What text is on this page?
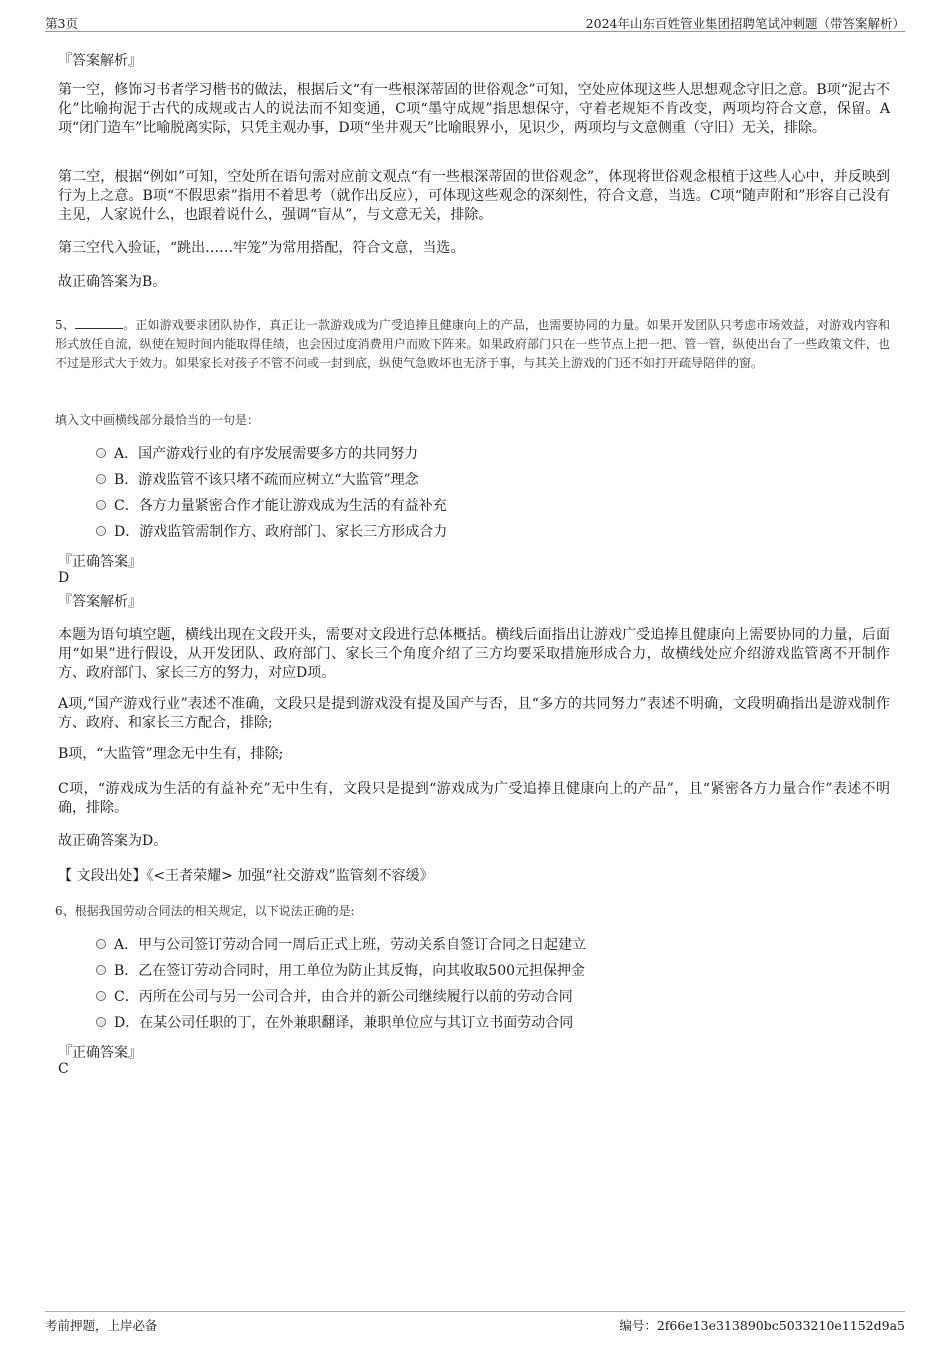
第3页	2024年山东百姓管业集团招聘笔试冲刺题（带答案解析）
『答案解析』
第一空，修饰习书者学习楷书的做法，根据后文“有一些根深蒂固的世俗观念”可知，空处应体现这些人思想观念守旧之意。B项“泥古不化”比喻拘泥于古代的成规或古人的说法而不知变通，C项“墨守成规”指思想保守，守着老规矩不肯改变，两项均符合文意，保留。A项“闭门造车”比喻脱离实际，只凭主观办事，D项“坐井观天”比喻眼界小，见识少，两项均与文意侧重（守旧）无关，排除。
第二空，根据“例如”可知，空处所在语句需对应前文观点“有一些根深蒂固的世俗观念”，体现将世俗观念根植于这些人心中，并反映到行为上之意。B项“不假思索”指用不着思考（就作出反应），可体现这些观念的深刻性，符合文意，当选。C项“随声附和”形容自己没有主见，人家说什么，也跟着说什么，强调“盲从”，与文意无关，排除。
第三空代入验证，“跳出……牢笼”为常用搭配，符合文意，当选。
故正确答案为B。
5、	。正如游戏要求团队协作，真正让一款游戏成为广受追捧且健康向上的产品，也需要协同的力量。如果开发团队只考虑市场效益，对游戏内容和形式放任自流，纵使在短时间内能取得佳绩，也会因过度消费用户而败下阵来。如果政府部门只在一些节点上把一把、管一管，纵使出台了一些政策文件，也不过是形式大于效力。如果家长对孩子不管不问或一封到底，纵使气急败坏也无济于事，与其关上游戏的门还不如打开疏导陪伴的窗。
填入文中画横线部分最恰当的一句是：
A．国产游戏行业的有序发展需要多方的共同努力
B．游戏监管不该只堵不疏而应树立“大监管”理念
C．各方力量紧密合作才能让游戏成为生活的有益补充
D．游戏监管需制作方、政府部门、家长三方形成合力
『正确答案』
D
『答案解析』
本题为语句填空题，横线出现在文段开头，需要对文段进行总体概括。横线后面指出让游戏广受追捧且健康向上需要协同的力量，后面用“如果”进行假设，从开发团队、政府部门、家长三个角度介绍了三方均要采取措施形成合力，故横线处应介绍游戏监管离不开制作方、政府部门、家长三方的努力，对应D项。
A项,“国产游戏行业”表述不准确，文段只是提到游戏没有提及国产与否，且“多方的共同努力”表述不明确，文段明确指出是游戏制作方、政府、和家长三方配合，排除;
B项，“大监管”理念无中生有，排除;
C项，“游戏成为生活的有益补充”无中生有，文段只是提到“游戏成为广受追捧且健康向上的产品”，且“紧密各方力量合作”表述不明确，排除。
故正确答案为D。
【 文段出处】《<王者荣耀> 加强“社交游戏”监管刻不容缓》
6、根据我国劳动合同法的相关规定，以下说法正确的是:
A．甲与公司签订劳动合同一周后正式上班，劳动关系自签订合同之日起建立
B．乙在签订劳动合同时，用工单位为防止其反悔，向其收取500元担保押金
C．丙所在公司与另一公司合并，由合并的新公司继续履行以前的劳动合同
D．在某公司任职的丁，在外兼职翻译，兼职单位应与其订立书面劳动合同
『正确答案』
C
考前押题，上岸必备	编号：2f66e13e313890bc5033210e1152d9a5
